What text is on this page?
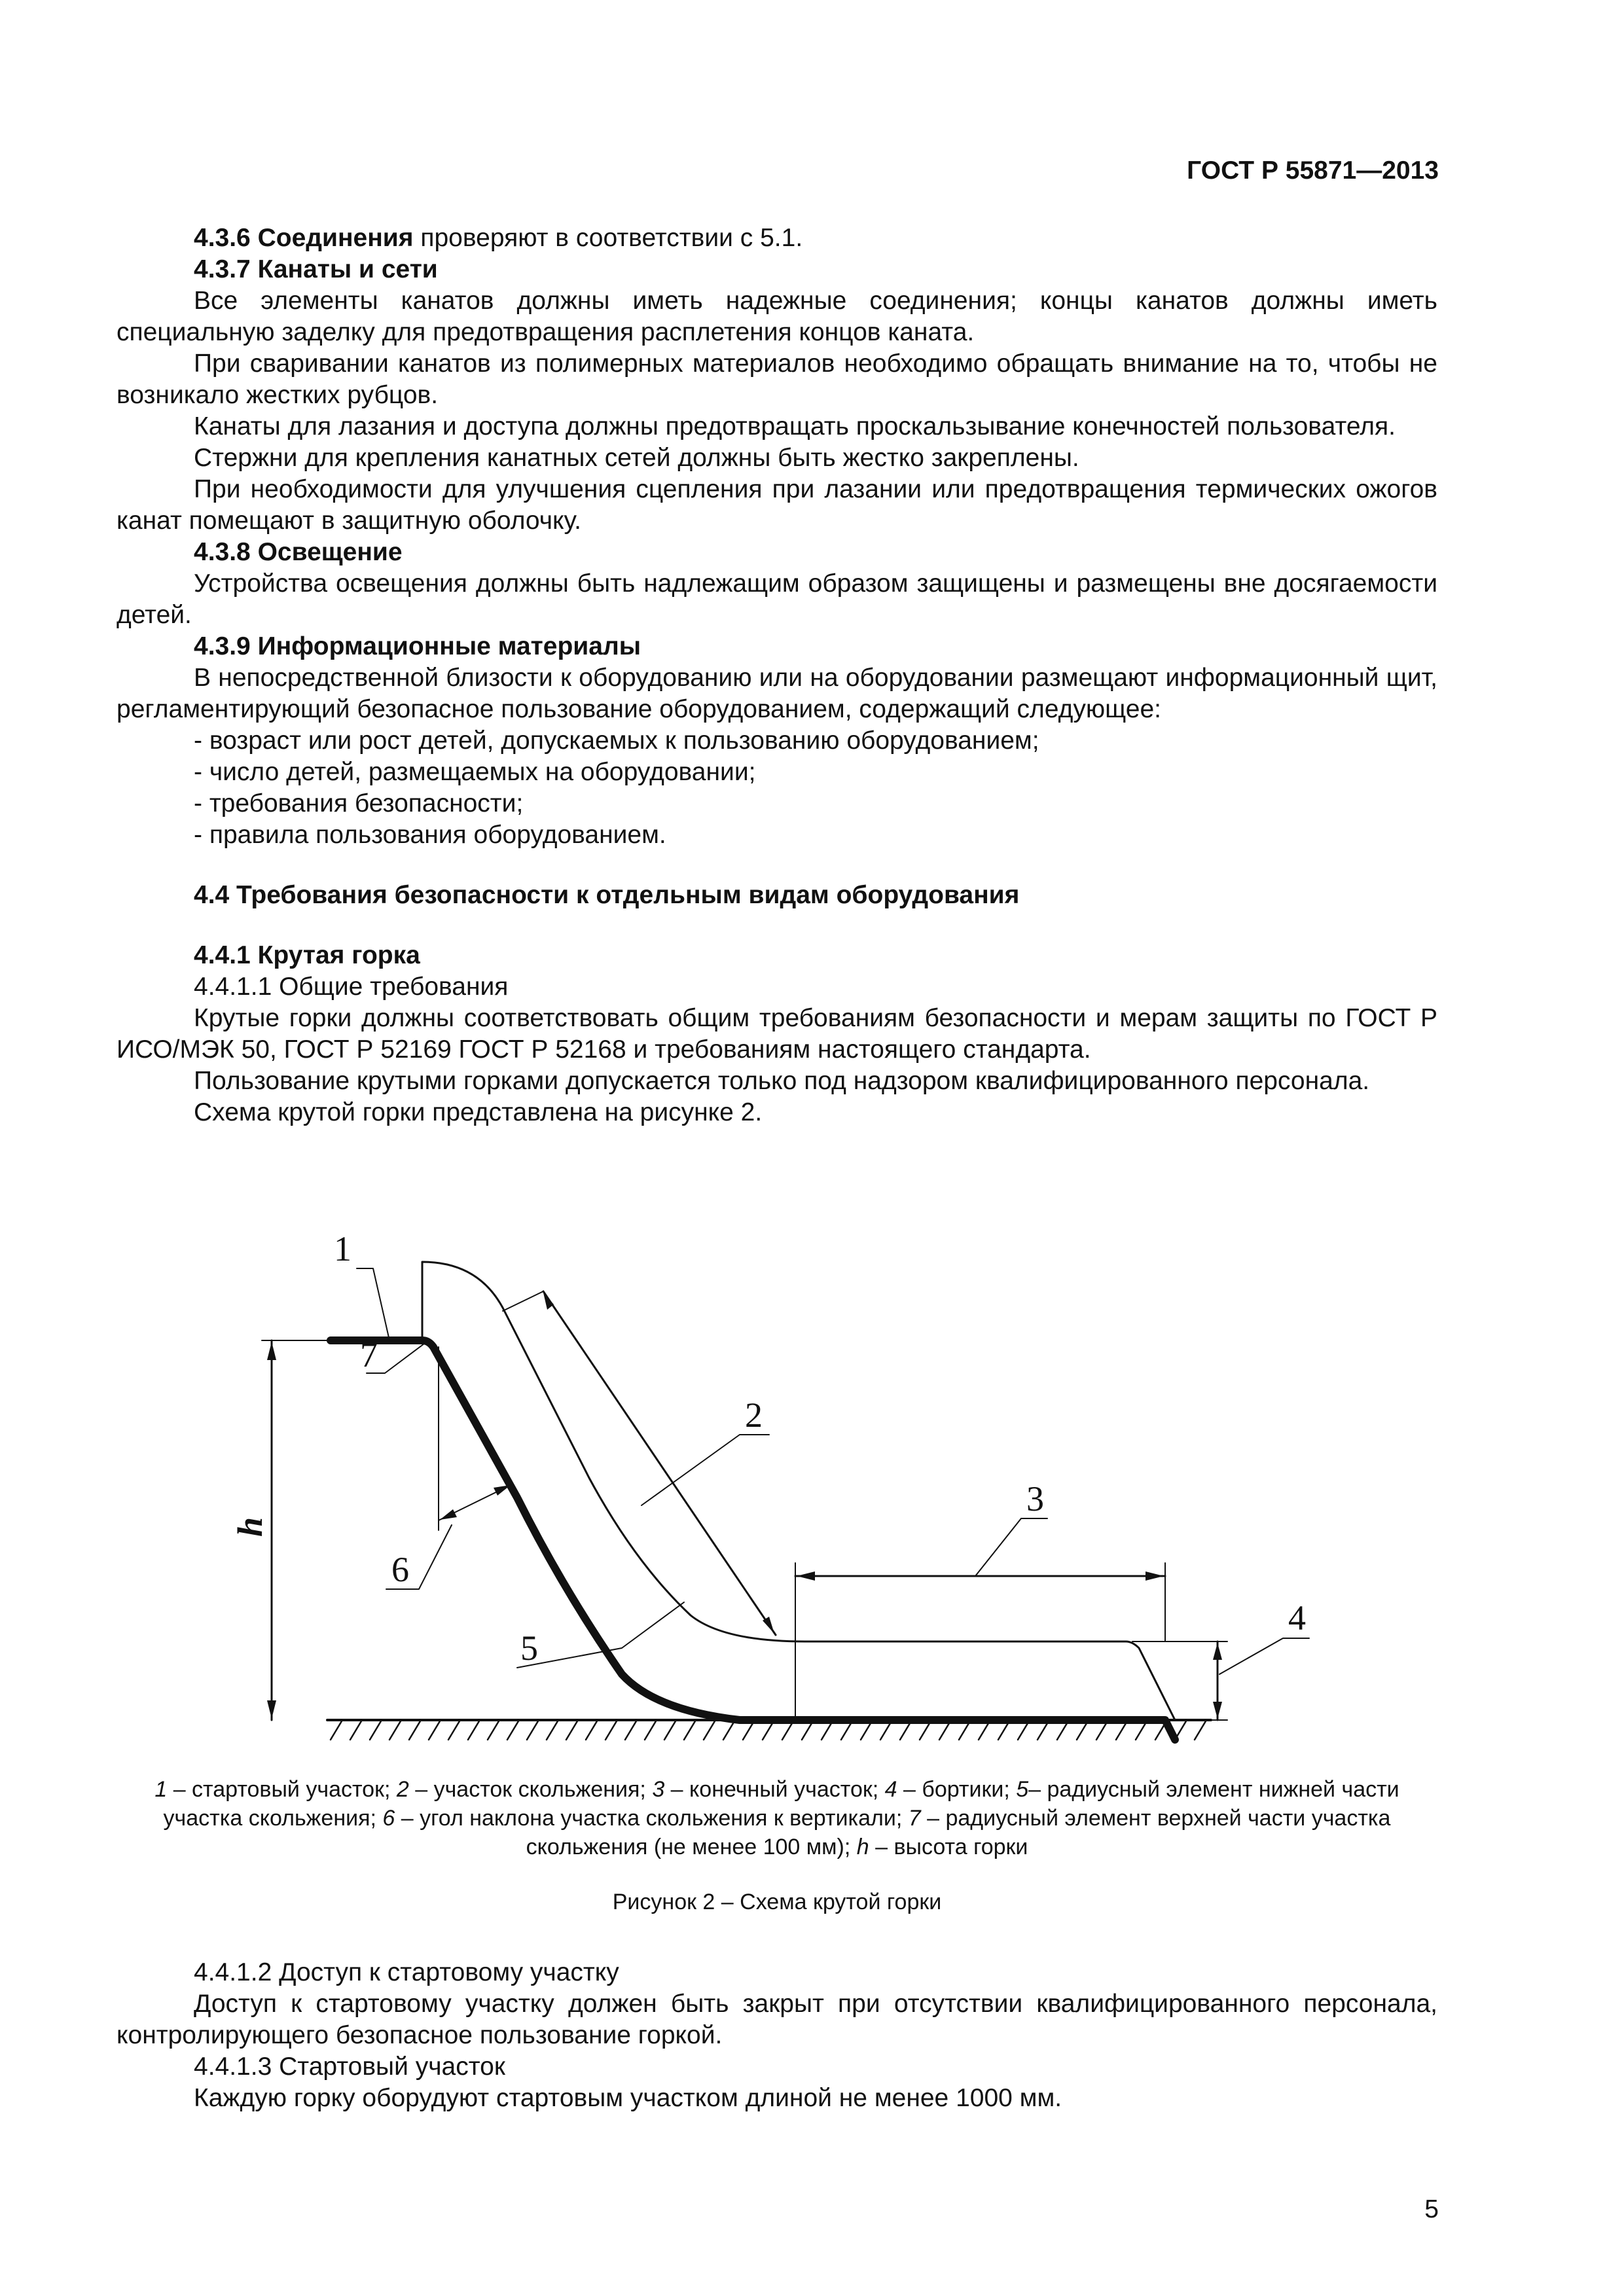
ГОСТ Р 55871—2013

4.3.6 Соединения проверяют в соответствии с 5.1.

4.3.7 Канаты и сети

Все элементы канатов должны иметь надежные соединения; концы канатов должны иметь специальную заделку для предотвращения расплетения концов каната.

При сваривании канатов из полимерных материалов необходимо обращать внимание на то, чтобы не возникало жестких рубцов.

Канаты для лазания и доступа должны предотвращать проскальзывание конечностей пользователя.

Стержни для крепления канатных сетей должны быть жестко закреплены.

При необходимости для улучшения сцепления при лазании или предотвращения термических ожогов канат помещают в защитную оболочку.

4.3.8 Освещение

Устройства освещения должны быть надлежащим образом защищены и размещены вне досягаемости детей.

4.3.9 Информационные материалы

В непосредственной близости к оборудованию или на оборудовании размещают информационный щит, регламентирующий безопасное пользование оборудованием, содержащий следующее:

- возраст или рост детей, допускаемых к пользованию оборудованием;

- число детей, размещаемых на оборудовании;

- требования безопасности;

- правила пользования оборудованием.

4.4 Требования безопасности к отдельным видам оборудования

4.4.1 Крутая горка

4.4.1.1 Общие требования

Крутые горки должны соответствовать общим требованиям безопасности и мерам защиты по ГОСТ Р ИСО/МЭК 50, ГОСТ Р 52169 ГОСТ Р 52168 и требованиям настоящего стандарта.

Пользование крутыми горками допускается только под надзором квалифицированного персонала.

Схема крутой горки представлена на рисунке 2.

1
7
2
3
4
6
5
h
1 – стартовый участок; 2 – участок скольжения; 3 – конечный участок; 4 – бортики; 5– радиусный элемент нижней части участка скольжения; 6 – угол наклона участка скольжения к вертикали; 7 – радиусный элемент верхней части участка скольжения (не менее 100 мм); h – высота горки
Рисунок 2 – Схема крутой горки

4.4.1.2 Доступ к стартовому участку

Доступ к стартовому участку должен быть закрыт при отсутствии квалифицированного персонала, контролирующего безопасное пользование горкой.

4.4.1.3 Стартовый участок

Каждую горку оборудуют стартовым участком длиной не менее 1000 мм.

5
